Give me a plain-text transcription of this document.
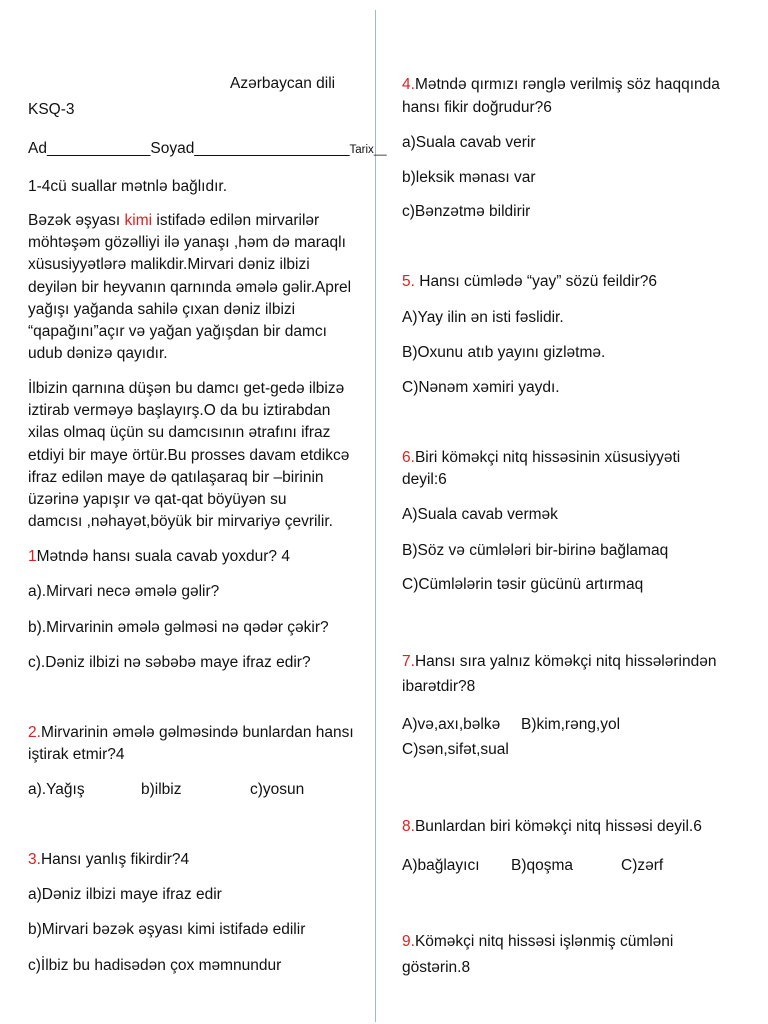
Azərbaycan dili
KSQ-3
Ad____________Soyad__________________Tarix__
1-4cü suallar mətnlə bağlıdır.
Bəzək əşyası kimi istifadə edilən mirvarilər
möhtəşəm gözəlliyi ilə yanaşı ,həm də maraqlı
xüsusiyyətlərə malikdir.Mirvari dəniz ilbizi
deyilən bir heyvanın qarnında əmələ gəlir.Aprel
yağışı yağanda sahilə çıxan dəniz ilbizi
“qapağını”açır və yağan yağışdan bir damcı
udub dənizə qayıdır.
İlbizin qarnına düşən bu damcı get-gedə ilbizə
iztirab verməyə başlayırş.O da bu iztirabdan
xilas olmaq üçün su damcısının ətrafını ifraz
etdiyi bir maye örtür.Bu prosses davam etdikcə
ifraz edilən maye də qatılaşaraq bir –birinin
üzərinə yapışır və qat-qat böyüyən su
damcısı ,nəhayət,böyük bir mirvariyə çevrilir.
1Mətndə hansı suala cavab yoxdur? 4
a).Mirvari necə əmələ gəlir?
b).Mirvarinin əmələ gəlməsi nə qədər çəkir?
c).Dəniz ilbizi nə səbəbə maye ifraz edir?
2.Mirvarinin əmələ gəlməsində bunlardan hansı
iştirak etmir?4
a).Yağış	b)ilbiz	c)yosun
3.Hansı yanlış fikirdir?4
a)Dəniz ilbizi maye ifraz edir
b)Mirvari bəzək əşyası kimi istifadə edilir
c)İlbiz bu hadisədən çox məmnundur
4.Mətndə qırmızı rənglə verilmiş söz haqqında
hansı fikir doğrudur?6
a)Suala cavab verir
b)leksik mənası var
c)Bənzətmə bildirir
5. Hansı cümlədə “yay” sözü feildir?6
A)Yay ilin ən isti fəslidir.
B)Oxunu atıb yayını gizlətmə.
C)Nənəm xəmiri yaydı.
6.Biri köməkçi nitq hissəsinin xüsusiyyəti
deyil:6
A)Suala cavab vermək
B)Söz və cümlələri bir-birinə bağlamaq
C)Cümlələrin təsir gücünü artırmaq
7.Hansı sıra yalnız köməkçi nitq hissələrindən
ibarətdir?8
A)və,axı,bəlkə B)kim,rəng,yol
C)sən,sifət,sual
8.Bunlardan biri köməkçi nitq hissəsi deyil.6
A)bağlayıcı B)qoşma	C)zərf
9.Köməkçi nitq hissəsi işlənmiş cümləni
göstərin.8
